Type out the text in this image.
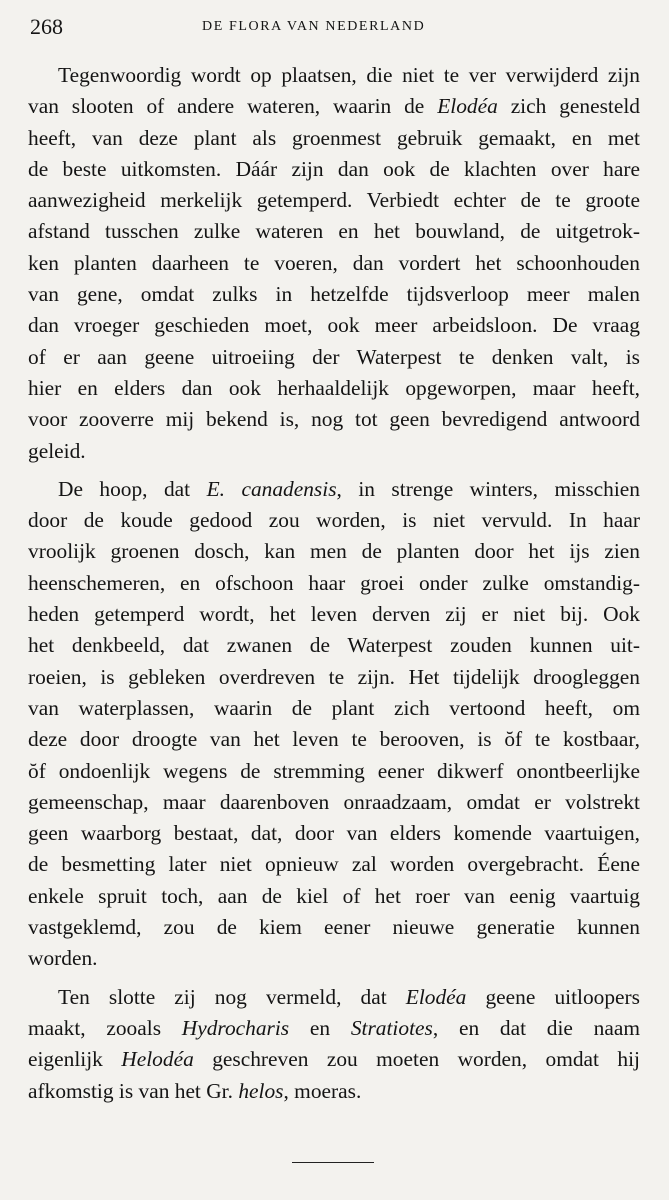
268	DE FLORA VAN NEDERLAND
Tegenwoordig wordt op plaatsen, die niet te ver verwijderd zijn
van slooten of andere wateren, waarin de Elodéa zich genesteld
heeft, van deze plant als groenmest gebruik gemaakt, en met
de beste uitkomsten. Dáár zijn dan ook de klachten over hare
aanwezigheid merkelijk getemperd. Verbiedt echter de te groote
afstand tusschen zulke wateren en het bouwland, de uitgetrok-
ken planten daarheen te voeren, dan vordert het schoonhouden
van gene, omdat zulks in hetzelfde tijdsverloop meer malen
dan vroeger geschieden moet, ook meer arbeidsloon. De vraag
of er aan geene uitroeiing der Waterpest te denken valt, is
hier en elders dan ook herhaaldelijk opgeworpen, maar heeft,
voor zooverre mij bekend is, nog tot geen bevredigend antwoord
geleid.
De hoop, dat E. canadensis, in strenge winters, misschien
door de koude gedood zou worden, is niet vervuld. In haar
vroolijk groenen dosch, kan men de planten door het ijs zien
heenschemeren, en ofschoon haar groei onder zulke omstandig-
heden getemperd wordt, het leven derven zij er niet bij. Ook
het denkbeeld, dat zwanen de Waterpest zouden kunnen uit-
roeien, is gebleken overdreven te zijn. Het tijdelijk drooglеggen
van waterplassen, waarin de plant zich vertoond heeft, om
deze door droogte van het leven te berooven, is ŏf te kostbaar,
ŏf ondoenlijk wegens de stremming eener dikwerf onontbeerlijke
gemeenschap, maar daarenboven onraadzaam, omdat er volstrekt
geen waarborg bestaat, dat, door van elders komende vaartuigen,
de besmetting later niet opnieuw zal worden overgebracht. Éene
enkele spruit toch, aan de kiel of het roer van eenig vaartuig
vastgeklemd, zou de kiem eener nieuwe generatie kunnen
worden.
Ten slotte zij nog vermeld, dat Elodéa geene uitloopers
maakt, zooals Hydrocharis en Stratiotes, en dat die naam
eigenlijk Helodéa geschreven zou moeten worden, omdat hij
afkomstig is van het Gr. helos, moeras.
